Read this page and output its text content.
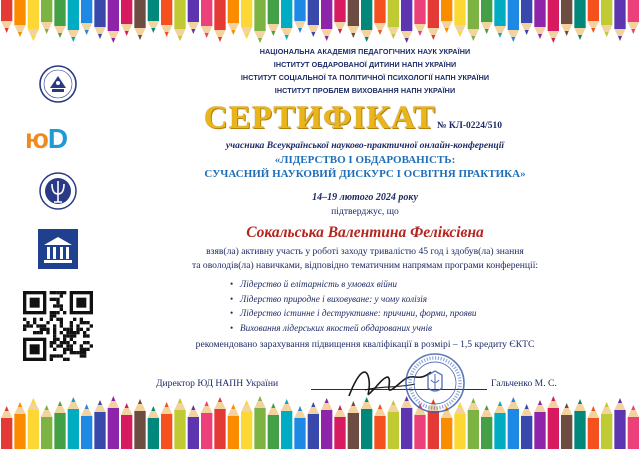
НАЦІОНАЛЬНА АКАДЕМІЯ ПЕДАГОГІЧНИХ НАУК УКРАЇНИ
ІНСТИТУТ ОБДАРОВАНОЇ ДИТИНИ НАПН УКРАЇНИ
ІНСТИТУТ СОЦІАЛЬНОЇ ТА ПОЛІТИЧНОЇ ПСИХОЛОГІЇ НАПН УКРАЇНИ
ІНСТИТУТ ПРОБЛЕМ ВИХОВАННЯ НАПН УКРАЇНИ
юD
СЕРТИФІКАТ № КЛ-0224/510
учасника Всеукраїнської науково-практичної онлайн-конференції
«ЛІДЕРСТВО І ОБДАРОВАНІСТЬ:
СУЧАСНИЙ НАУКОВИЙ ДИСКУРС І ОСВІТНЯ ПРАКТИКА»
14–19 лютого 2024 року
підтверджує, що
Сокальська Валентина Феліксівна
взяв(ла) активну участь у роботі заходу тривалістю 45 год і здобув(ла) знання
та оволодів(ла) навичками, відповідно тематичним напрямам програми конференції:
• Лідерство й елітарність в умовах війни
• Лідерство природне і виховуване: у чому колізія
• Лідерство істинне і деструктивне: причини, форми, прояви
• Виховання лідерських якостей обдарованих учнів
рекомендовано зарахування підвищення кваліфікації в розмірі – 1,5 кредиту ЄКТС
Директор ЮД НАПН України	Гальченко М. С.
